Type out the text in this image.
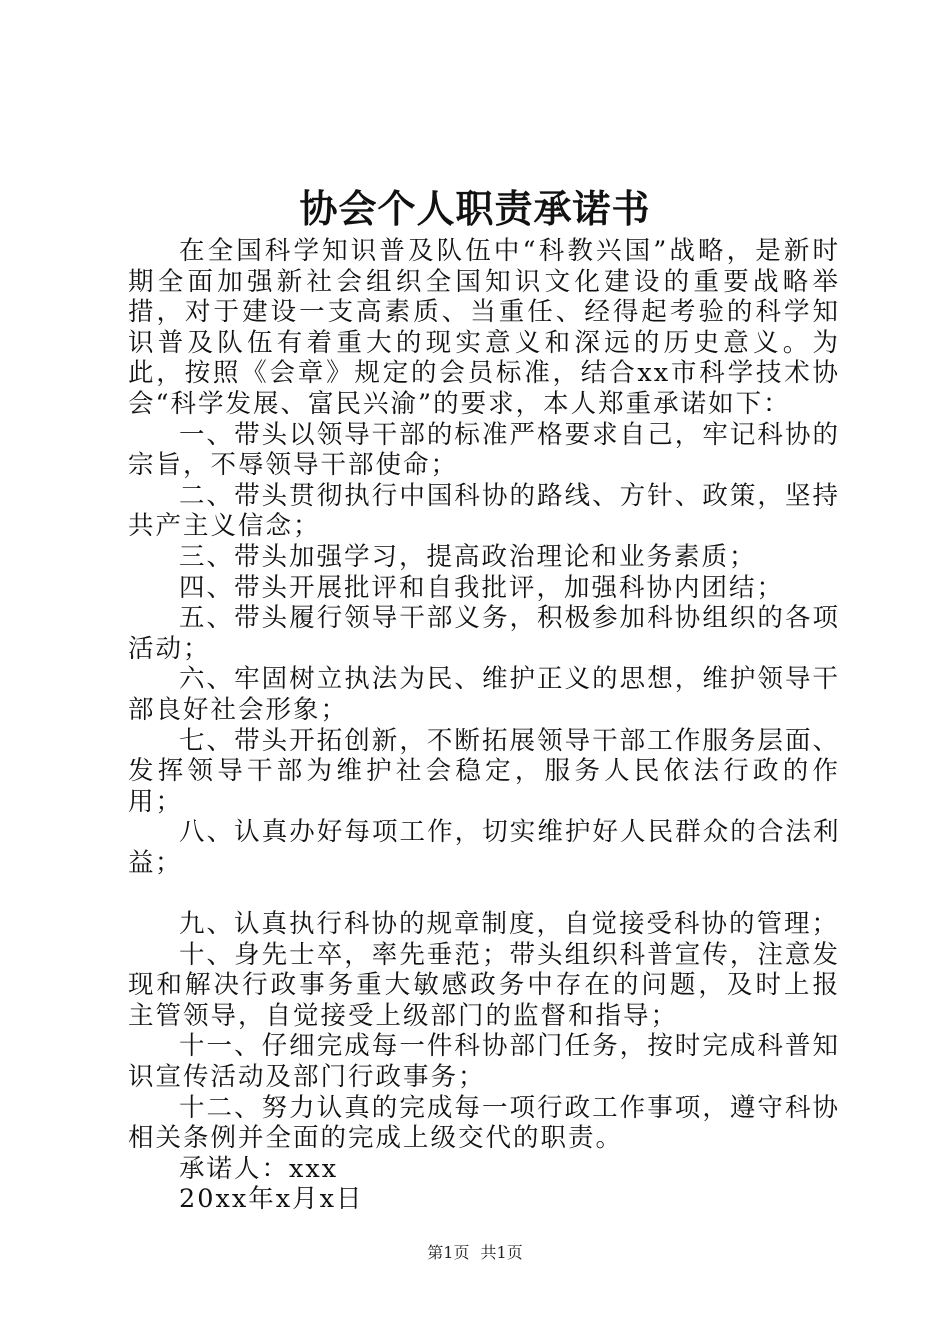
协会个人职责承诺书

在全国科学知识普及队伍中“科教兴国”战略，是新时期全面加强新社会组织全国知识文化建设的重要战略举措，对于建设一支高素质、当重任、经得起考验的科学知识普及队伍有着重大的现实意义和深远的历史意义。为此，按照《会章》规定的会员标准，结合xx市科学技术协会“科学发展、富民兴渝”的要求，本人郑重承诺如下：

一、带头以领导干部的标准严格要求自己，牢记科协的宗旨，不辱领导干部使命；

二、带头贯彻执行中国科协的路线、方针、政策，坚持共产主义信念；

三、带头加强学习，提高政治理论和业务素质；

四、带头开展批评和自我批评，加强科协内团结；

五、带头履行领导干部义务，积极参加科协组织的各项活动；

六、牢固树立执法为民、维护正义的思想，维护领导干部良好社会形象；

七、带头开拓创新，不断拓展领导干部工作服务层面、发挥领导干部为维护社会稳定，服务人民依法行政的作用；

八、认真办好每项工作，切实维护好人民群众的合法利益；

九、认真执行科协的规章制度，自觉接受科协的管理；

十、身先士卒，率先垂范；带头组织科普宣传，注意发现和解决行政事务重大敏感政务中存在的问题，及时上报主管领导，自觉接受上级部门的监督和指导；

十一、仔细完成每一件科协部门任务，按时完成科普知识宣传活动及部门行政事务；

十二、努力认真的完成每一项行政工作事项，遵守科协相关条例并全面的完成上级交代的职责。

承诺人：xxx

20xx年x月x日

第1页 共1页
